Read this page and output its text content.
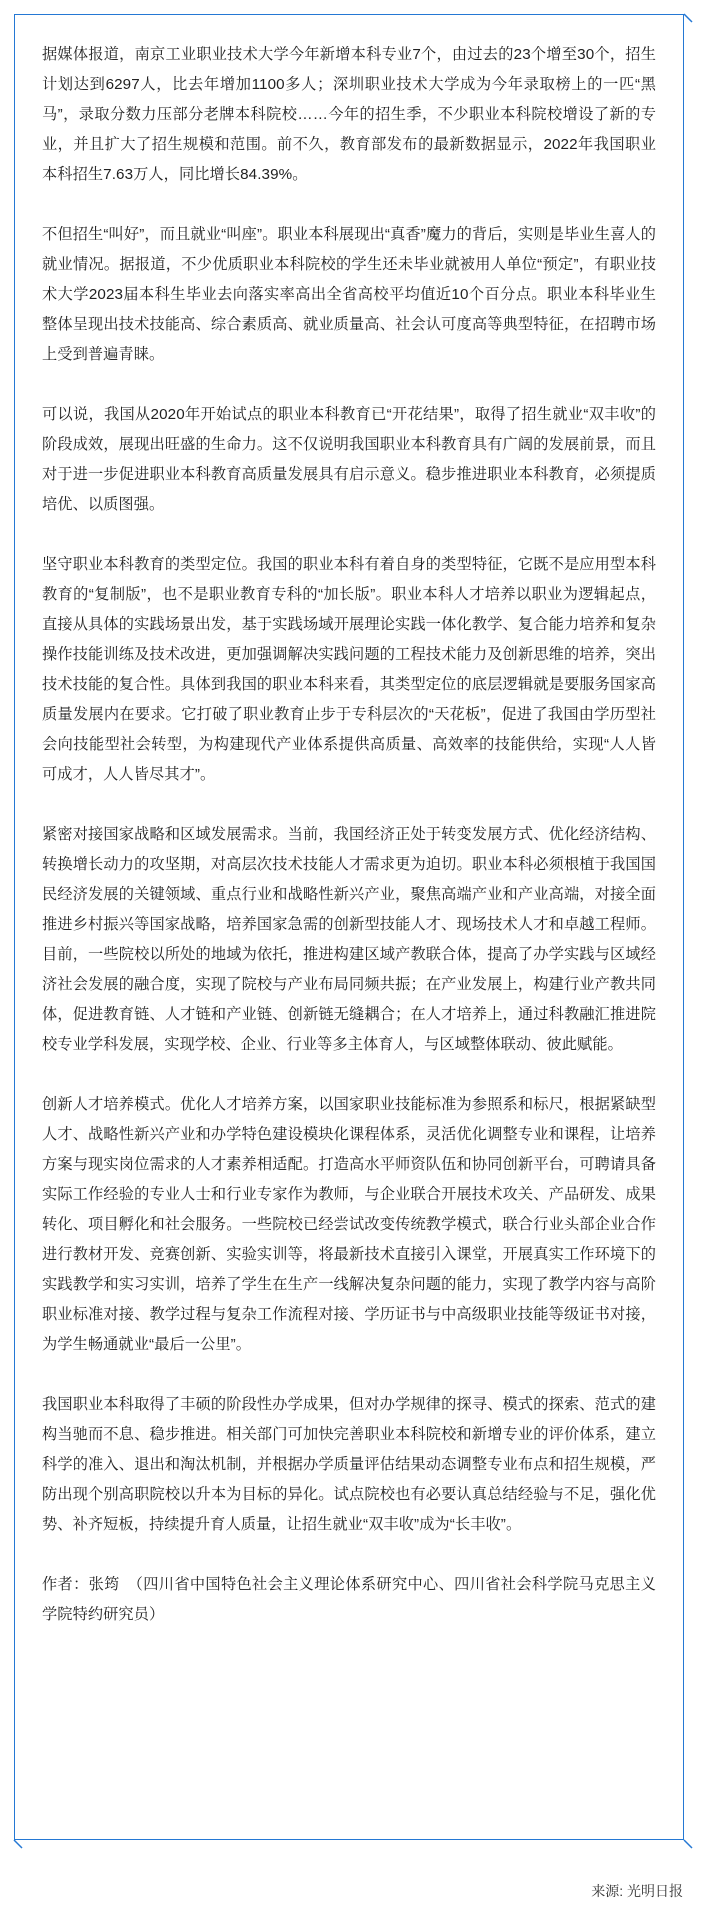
据媒体报道，南京工业职业技术大学今年新增本科专业7个，由过去的23个增至30个，招生计划达到6297人，比去年增加1100多人；深圳职业技术大学成为今年录取榜上的一匹“黑马”，录取分数力压部分老牌本科院校……今年的招生季，不少职业本科院校增设了新的专业，并且扩大了招生规模和范围。前不久，教育部发布的最新数据显示，2022年我国职业本科招生7.63万人，同比增长84.39%。

不但招生“叫好”，而且就业“叫座”。职业本科展现出“真香”魔力的背后，实则是毕业生喜人的就业情况。据报道，不少优质职业本科院校的学生还未毕业就被用人单位“预定”，有职业技术大学2023届本科生毕业去向落实率高出全省高校平均值近10个百分点。职业本科毕业生整体呈现出技术技能高、综合素质高、就业质量高、社会认可度高等典型特征，在招聘市场上受到普遍青睐。

可以说，我国从2020年开始试点的职业本科教育已“开花结果”，取得了招生就业“双丰收”的阶段成效，展现出旺盛的生命力。这不仅说明我国职业本科教育具有广阔的发展前景，而且对于进一步促进职业本科教育高质量发展具有启示意义。稳步推进职业本科教育，必须提质培优、以质图强。

坚守职业本科教育的类型定位。我国的职业本科有着自身的类型特征，它既不是应用型本科教育的“复制版”，也不是职业教育专科的“加长版”。职业本科人才培养以职业为逻辑起点，直接从具体的实践场景出发，基于实践场域开展理论实践一体化教学、复合能力培养和复杂操作技能训练及技术改进，更加强调解决实践问题的工程技术能力及创新思维的培养，突出技术技能的复合性。具体到我国的职业本科来看，其类型定位的底层逻辑就是要服务国家高质量发展内在要求。它打破了职业教育止步于专科层次的“天花板”，促进了我国由学历型社会向技能型社会转型，为构建现代产业体系提供高质量、高效率的技能供给，实现“人人皆可成才，人人皆尽其才”。

紧密对接国家战略和区域发展需求。当前，我国经济正处于转变发展方式、优化经济结构、转换增长动力的攻坚期，对高层次技术技能人才需求更为迫切。职业本科必须根植于我国国民经济发展的关键领域、重点行业和战略性新兴产业，聚焦高端产业和产业高端，对接全面推进乡村振兴等国家战略，培养国家急需的创新型技能人才、现场技术人才和卓越工程师。目前，一些院校以所处的地域为依托，推进构建区域产教联合体，提高了办学实践与区域经济社会发展的融合度，实现了院校与产业布局同频共振；在产业发展上，构建行业产教共同体，促进教育链、人才链和产业链、创新链无缝耦合；在人才培养上，通过科教融汇推进院校专业学科发展，实现学校、企业、行业等多主体育人，与区域整体联动、彼此赋能。

创新人才培养模式。优化人才培养方案，以国家职业技能标准为参照系和标尺，根据紧缺型人才、战略性新兴产业和办学特色建设模块化课程体系，灵活优化调整专业和课程，让培养方案与现实岗位需求的人才素养相适配。打造高水平师资队伍和协同创新平台，可聘请具备实际工作经验的专业人士和行业专家作为教师，与企业联合开展技术攻关、产品研发、成果转化、项目孵化和社会服务。一些院校已经尝试改变传统教学模式，联合行业头部企业合作进行教材开发、竞赛创新、实验实训等，将最新技术直接引入课堂，开展真实工作环境下的实践教学和实习实训，培养了学生在生产一线解决复杂问题的能力，实现了教学内容与高阶职业标准对接、教学过程与复杂工作流程对接、学历证书与中高级职业技能等级证书对接，为学生畅通就业“最后一公里”。

我国职业本科取得了丰硕的阶段性办学成果，但对办学规律的探寻、模式的探索、范式的建构当驰而不息、稳步推进。相关部门可加快完善职业本科院校和新增专业的评价体系，建立科学的准入、退出和淘汰机制，并根据办学质量评估结果动态调整专业布点和招生规模，严防出现个别高职院校以升本为目标的异化。试点院校也有必要认真总结经验与不足，强化优势、补齐短板，持续提升育人质量，让招生就业“双丰收”成为“长丰收”。

作者：张筠　（四川省中国特色社会主义理论体系研究中心、四川省社会科学院马克思主义学院特约研究员）

来源: 光明日报
